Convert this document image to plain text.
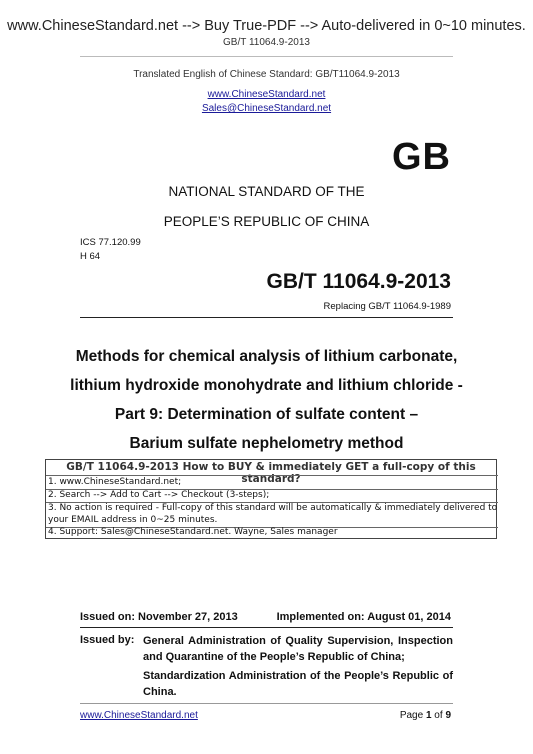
www.ChineseStandard.net --> Buy True-PDF --> Auto-delivered in 0~10 minutes.
GB/T 11064.9-2013
Translated English of Chinese Standard: GB/T11064.9-2013
www.ChineseStandard.net
Sales@ChineseStandard.net
GB
NATIONAL STANDARD OF THE
PEOPLE’S REPUBLIC OF CHINA
ICS 77.120.99
H 64
GB/T 11064.9-2013
Replacing GB/T 11064.9-1989
Methods for chemical analysis of lithium carbonate,
lithium hydroxide monohydrate and lithium chloride -
Part 9: Determination of sulfate content –
Barium sulfate nephelometry method
GB/T 11064.9-2013 How to BUY & immediately GET a full-copy of this standard?
1. www.ChineseStandard.net;
2. Search --> Add to Cart --> Checkout (3-steps);
3. No action is required - Full-copy of this standard will be automatically & immediately delivered to
your EMAIL address in 0~25 minutes.
4. Support: Sales@ChineseStandard.net. Wayne, Sales manager
Issued on: November 27, 2013	Implemented on: August 01, 2014
Issued by: General Administration of Quality Supervision, Inspection and Quarantine of the People’s Republic of China;
Standardization Administration of the People’s Republic of China.
www.ChineseStandard.net	Page 1 of 9
